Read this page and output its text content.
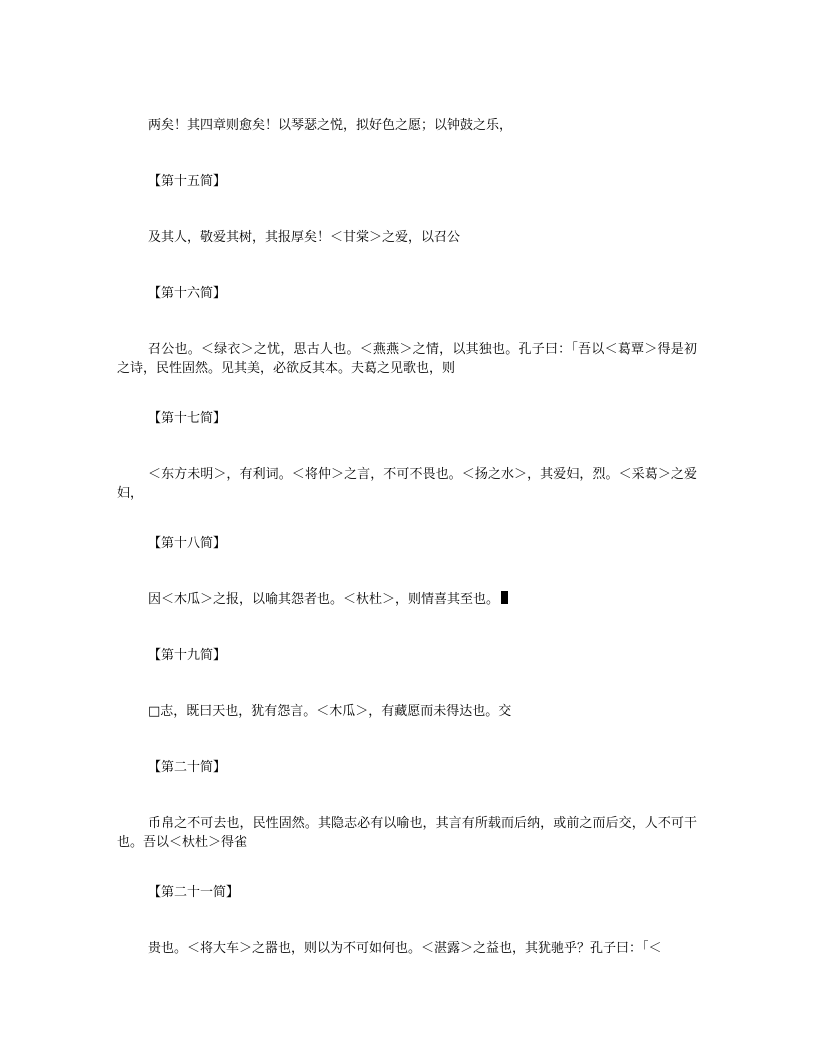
两矣！其四章则愈矣！以琴瑟之悦，拟好色之愿；以钟鼓之乐，
【第十五简】
及其人，敬爱其树，其报厚矣！＜甘棠＞之爱，以召公
【第十六简】
召公也。＜绿衣＞之忧，思古人也。＜燕燕＞之情，以其独也。孔子曰：「吾以＜葛覃＞得是初之诗，民性固然。见其美，必欲反其本。夫葛之见歌也，则
【第十七简】
＜东方未明＞，有利词。＜将仲＞之言，不可不畏也。＜扬之水＞，其爱妇，烈。＜采葛＞之爱妇，
【第十八简】
因＜木瓜＞之报，以喻其怨者也。＜杕杜＞，则情喜其至也。
【第十九简】
□志，既曰天也，犹有怨言。＜木瓜＞，有藏愿而未得达也。交
【第二十简】
币帛之不可去也，民性固然。其隐志必有以喻也，其言有所载而后纳，或前之而后交，人不可干也。吾以＜杕杜＞得雀
【第二十一简】
贵也。＜将大车＞之嚣也，则以为不可如何也。＜湛露＞之益也，其犹驰乎？孔子曰：「＜
